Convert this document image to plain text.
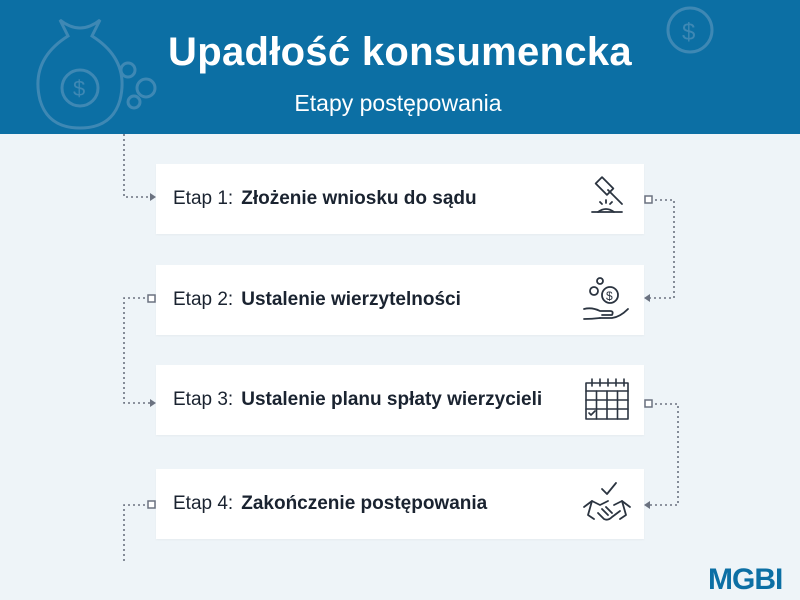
$
$
Upadłość konsumencka
Etapy postępowania
Etap 1: Złożenie wniosku do sądu
Etap 2: Ustalenie wierzytelności	$
Etap 3: Ustalenie planu spłaty wierzycieli
Etap 4: Zakończenie postępowania
MGBI
